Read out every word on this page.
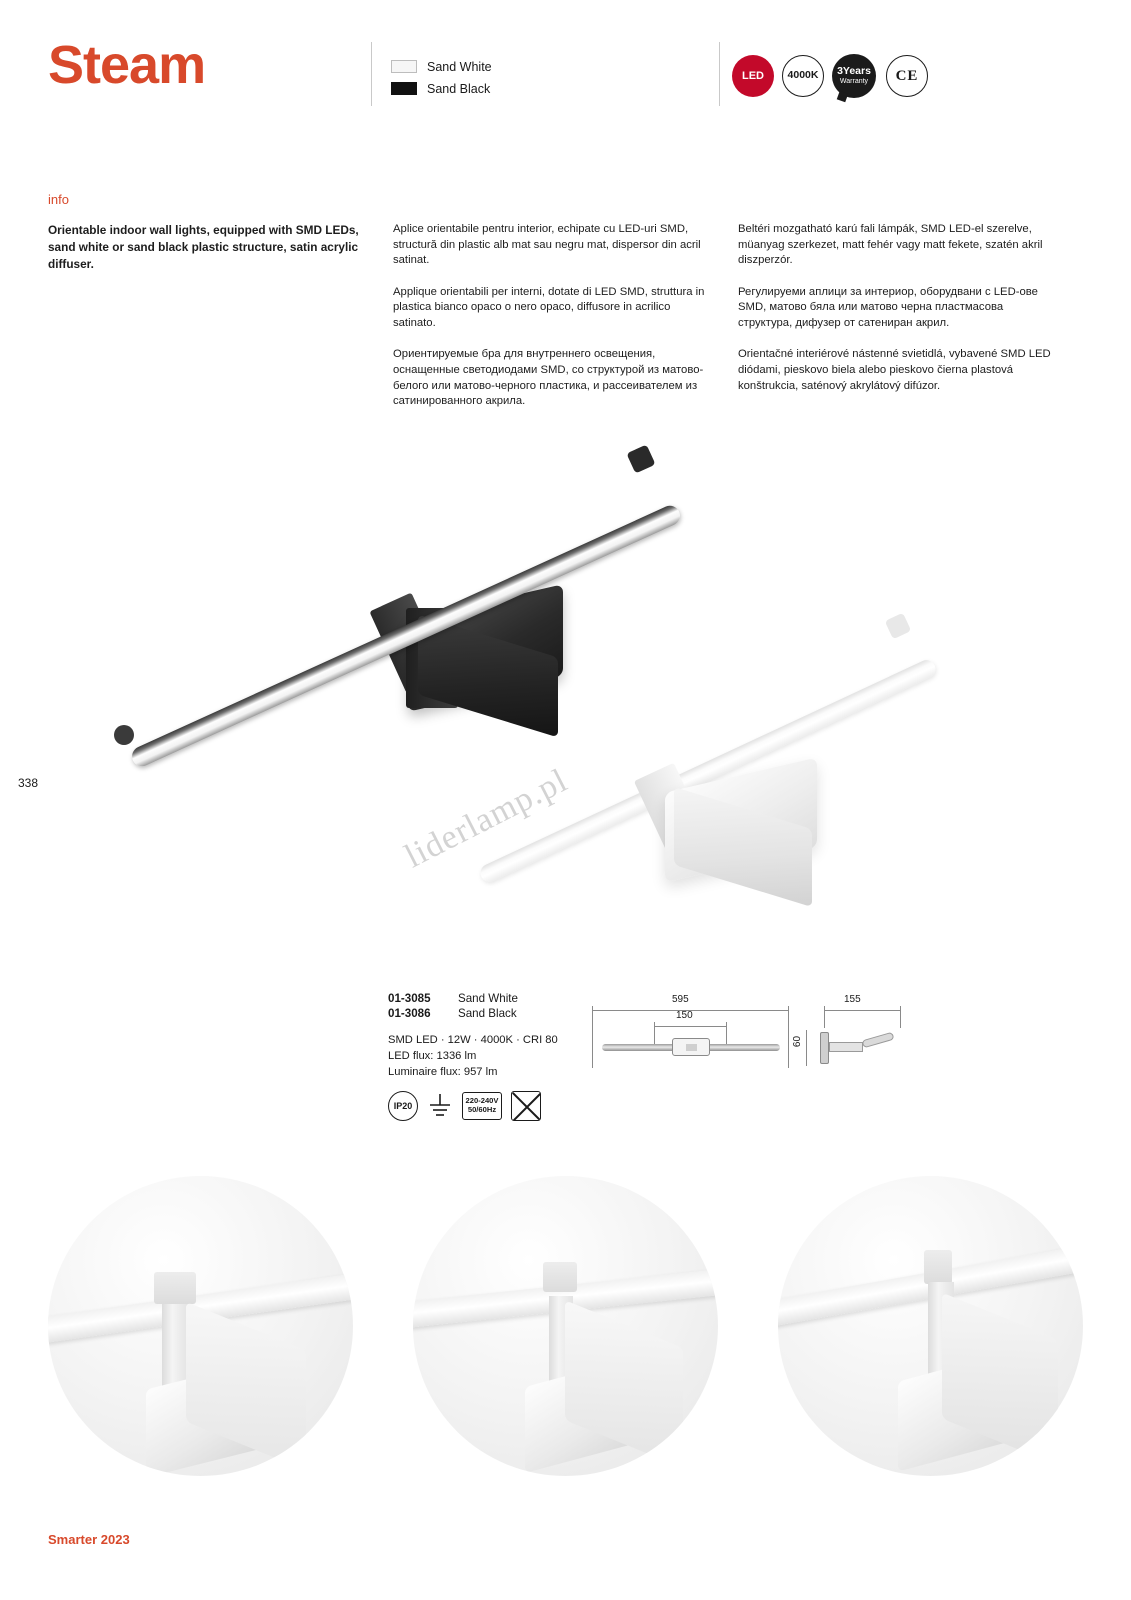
Steam	Sand White
Sand Black
LED	4000K	3Years
Warranty	CE
info

Orientable indoor wall lights, equipped with SMD LEDs, sand white or sand black plastic structure, satin acrylic diffuser.

Aplice orientabile pentru interior, echipate cu LED-uri SMD, structură din plastic alb mat sau negru mat, dispersor din acril satinat.

Applique orientabili per interni, dotate di LED SMD, struttura in plastica bianco opaco o nero opaco, diffusore in acrilico satinato.

Ориентируемые бра для внутреннего освещения, оснащенные светодиодами SMD, со структурой из матово-белого или матово-черного пластика, и рассеивателем из сатинированного акрила.

Beltéri mozgatható karú fali lámpák, SMD LED-el szerelve, müanyag szerkezet, matt fehér vagy matt fekete, szatén akril diszperzór.

Регулируеми аплици за интериор, оборудвани с LED-ове SMD, матово бяла или матово черна пластмасова структура, дифузер от сатениран акрил.

Orientačné interiérové nástenné svietidlá, vybavené SMD LED diódami, pieskovo biela alebo pieskovo čierna plastová konštrukcia, saténový akrylátový difúzor.

338	liderlamp.pl
01-3085	Sand White
01-3086	Sand Black
SMD LED · 12W · 4000K · CRI 80
LED flux: 1336 lm
Luminaire flux: 957 lm
IP20
220-240V
50/60Hz
595
150
155
60
Smarter 2023
